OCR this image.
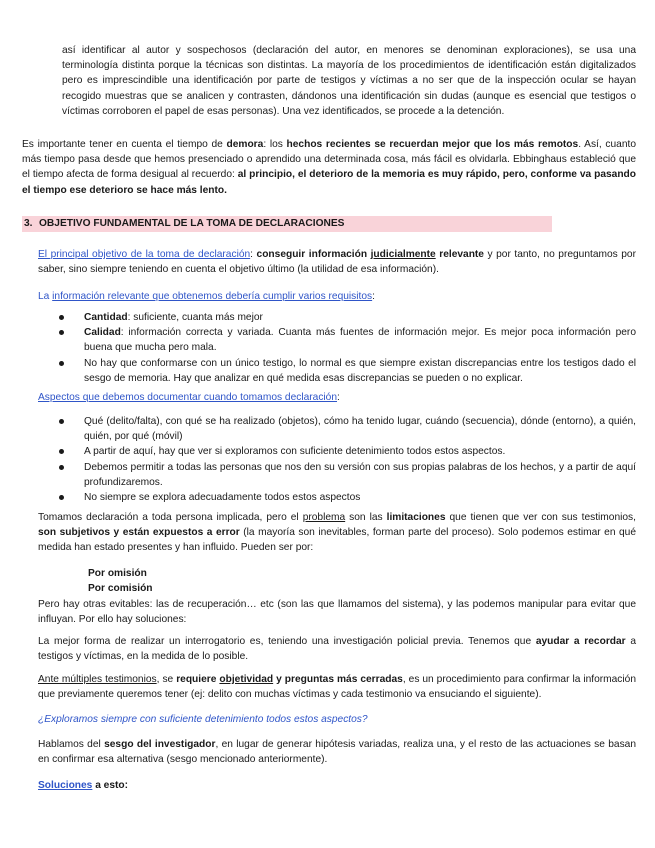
así identificar al autor y sospechosos (declaración del autor, en menores se denominan exploraciones), se usa una terminología distinta porque la técnicas son distintas. La mayoría de los procedimientos de identificación están digitalizados pero es imprescindible una identificación por parte de testigos y víctimas a no ser que de la inspección ocular se hayan recogido muestras que se analicen y contrasten, dándonos una identificación sin dudas (aunque es esencial que testigos o víctimas corroboren el papel de esas personas). Una vez identificados, se procede a la detención.

Es importante tener en cuenta el tiempo de demora: los hechos recientes se recuerdan mejor que los más remotos. Así, cuanto más tiempo pasa desde que hemos presenciado o aprendido una determinada cosa, más fácil es olvidarla. Ebbinghaus estableció que el tiempo afecta de forma desigual al recuerdo: al principio, el deterioro de la memoria es muy rápido, pero, conforme va pasando el tiempo ese deterioro se hace más lento.

3. OBJETIVO FUNDAMENTAL DE LA TOMA DE DECLARACIONES

El principal objetivo de la toma de declaración: conseguir información judicialmente relevante y por tanto, no preguntamos por saber, sino siempre teniendo en cuenta el objetivo último (la utilidad de esa información).

La información relevante que obtenemos debería cumplir varios requisitos:

Cantidad: suficiente, cuanta más mejor
Calidad: información correcta y variada. Cuanta más fuentes de información mejor. Es mejor poca información pero buena que mucha pero mala.
No hay que conformarse con un único testigo, lo normal es que siempre existan discrepancias entre los testigos dado el sesgo de memoria. Hay que analizar en qué medida esas discrepancias se pueden o no explicar.

Aspectos que debemos documentar cuando tomamos declaración:

Qué (delito/falta), con qué se ha realizado (objetos), cómo ha tenido lugar, cuándo (secuencia), dónde (entorno), a quién, quién, por qué (móvil)
A partir de aquí, hay que ver si exploramos con suficiente detenimiento todos estos aspectos.
Debemos permitir a todas las personas que nos den su versión con sus propias palabras de los hechos, y a partir de aquí profundizaremos.
No siempre se explora adecuadamente todos estos aspectos

Tomamos declaración a toda persona implicada, pero el problema son las limitaciones que tienen que ver con sus testimonios, son subjetivos y están expuestos a error (la mayoría son inevitables, forman parte del proceso). Solo podemos estimar en qué medida han estado presentes y han influido. Pueden ser por:

Por omisión

Por comisión

Pero hay otras evitables: las de recuperación… etc (son las que llamamos del sistema), y las podemos manipular para evitar que influyan. Por ello hay soluciones:

La mejor forma de realizar un interrogatorio es, teniendo una investigación policial previa. Tenemos que ayudar a recordar a testigos y víctimas, en la medida de lo posible.

Ante múltiples testimonios, se requiere objetividad y preguntas más cerradas, es un procedimiento para confirmar la información que previamente queremos tener (ej: delito con muchas víctimas y cada testimonio va ensuciando el siguiente).

¿Exploramos siempre con suficiente detenimiento todos estos aspectos?

Hablamos del sesgo del investigador, en lugar de generar hipótesis variadas, realiza una, y el resto de las actuaciones se basan en confirmar esa alternativa (sesgo mencionado anteriormente).

Soluciones a esto:
